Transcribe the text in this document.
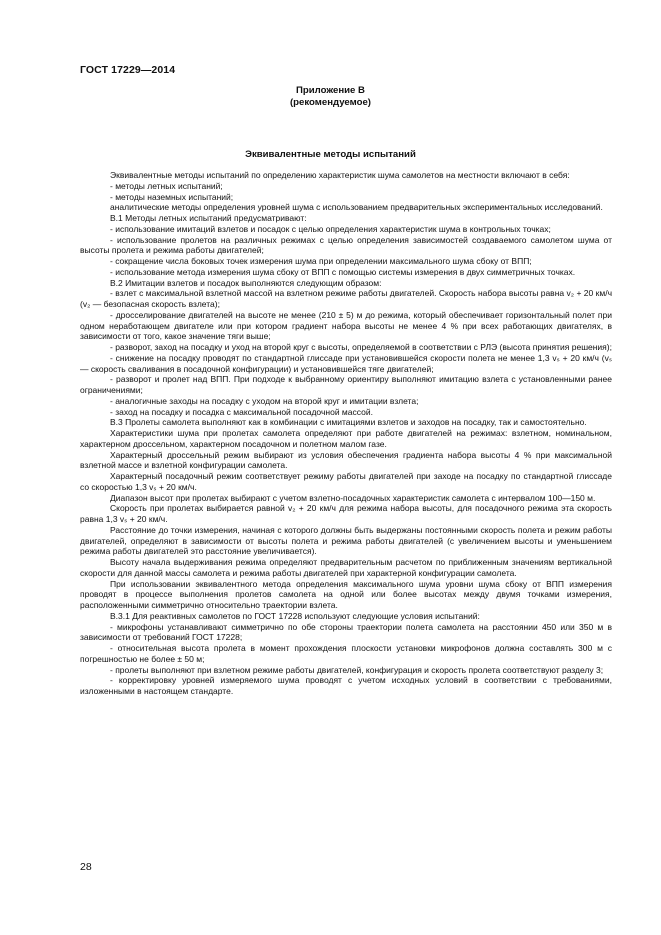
ГОСТ 17229—2014
Приложение В
(рекомендуемое)
Эквивалентные методы испытаний

Эквивалентные методы испытаний по определению характеристик шума самолетов на местности включают в себя:

- методы летных испытаний;

- методы наземных испытаний;

аналитические методы определения уровней шума с использованием предварительных экспериментальных исследований.

В.1 Методы летных испытаний предусматривают:

- использование имитаций взлетов и посадок с целью определения характеристик шума в контрольных точках;

- использование пролетов на различных режимах с целью определения зависимостей создаваемого самолетом шума от высоты пролета и режима работы двигателей;

- сокращение числа боковых точек измерения шума при определении максимального шума сбоку от ВПП;

- использование метода измерения шума сбоку от ВПП с помощью системы измерения в двух симметричных точках.

В.2 Имитации взлетов и посадок выполняются следующим образом:

- взлет с максимальной взлетной массой на взлетном режиме работы двигателей. Скорость набора высоты равна v₂ + 20 км/ч (v₂ — безопасная скорость взлета);

- дросселирование двигателей на высоте не менее (210 ± 5) м до режима, который обеспечивает горизонтальный полет при одном неработающем двигателе или при котором градиент набора высоты не менее 4 % при всех работающих двигателях, в зависимости от того, какое значение тяги выше;

- разворот, заход на посадку и уход на второй круг с высоты, определяемой в соответствии с РЛЭ (высота принятия решения);

- снижение на посадку проводят по стандартной глиссаде при установившейся скорости полета не менее 1,3 vₛ + 20 км/ч (vₛ — скорость сваливания в посадочной конфигурации) и установившейся тяге двигателей;

- разворот и пролет над ВПП. При подходе к выбранному ориентиру выполняют имитацию взлета с установленными ранее ограничениями;

- аналогичные заходы на посадку с уходом на второй круг и имитации взлета;

- заход на посадку и посадка с максимальной посадочной массой.

В.3 Пролеты самолета выполняют как в комбинации с имитациями взлетов и заходов на посадку, так и самостоятельно.

Характеристики шума при пролетах самолета определяют при работе двигателей на режимах: взлетном, номинальном, характерном дроссельном, характерном посадочном и полетном малом газе.

Характерный дроссельный режим выбирают из условия обеспечения градиента набора высоты 4 % при максимальной взлетной массе и взлетной конфигурации самолета.

Характерный посадочный режим соответствует режиму работы двигателей при заходе на посадку по стандартной глиссаде со скоростью 1,3 vₛ + 20 км/ч.

Диапазон высот при пролетах выбирают с учетом взлетно-посадочных характеристик самолета с интервалом 100—150 м.

Скорость при пролетах выбирается равной v₂ + 20 км/ч для режима набора высоты, для посадочного режима эта скорость равна 1,3 vₛ + 20 км/ч.

Расстояние до точки измерения, начиная с которого должны быть выдержаны постоянными скорость полета и режим работы двигателей, определяют в зависимости от высоты полета и режима работы двигателей (с увеличением высоты и уменьшением режима работы двигателей это расстояние увеличивается).

Высоту начала выдерживания режима определяют предварительным расчетом по приближенным значениям вертикальной скорости для данной массы самолета и режима работы двигателей при характерной конфигурации самолета.

При использовании эквивалентного метода определения максимального шума уровни шума сбоку от ВПП измерения проводят в процессе выполнения пролетов самолета на одной или более высотах между двумя точками измерения, расположенными симметрично относительно траектории взлета.

В.3.1 Для реактивных самолетов по ГОСТ 17228 используют следующие условия испытаний:

- микрофоны устанавливают симметрично по обе стороны траектории полета самолета на расстоянии 450 или 350 м в зависимости от требований ГОСТ 17228;

- относительная высота пролета в момент прохождения плоскости установки микрофонов должна составлять 300 м с погрешностью не более ± 50 м;

- пролеты выполняют при взлетном режиме работы двигателей, конфигурация и скорость пролета соответствуют разделу 3;

- корректировку уровней измеряемого шума проводят с учетом исходных условий в соответствии с требованиями, изложенными в настоящем стандарте.

28
